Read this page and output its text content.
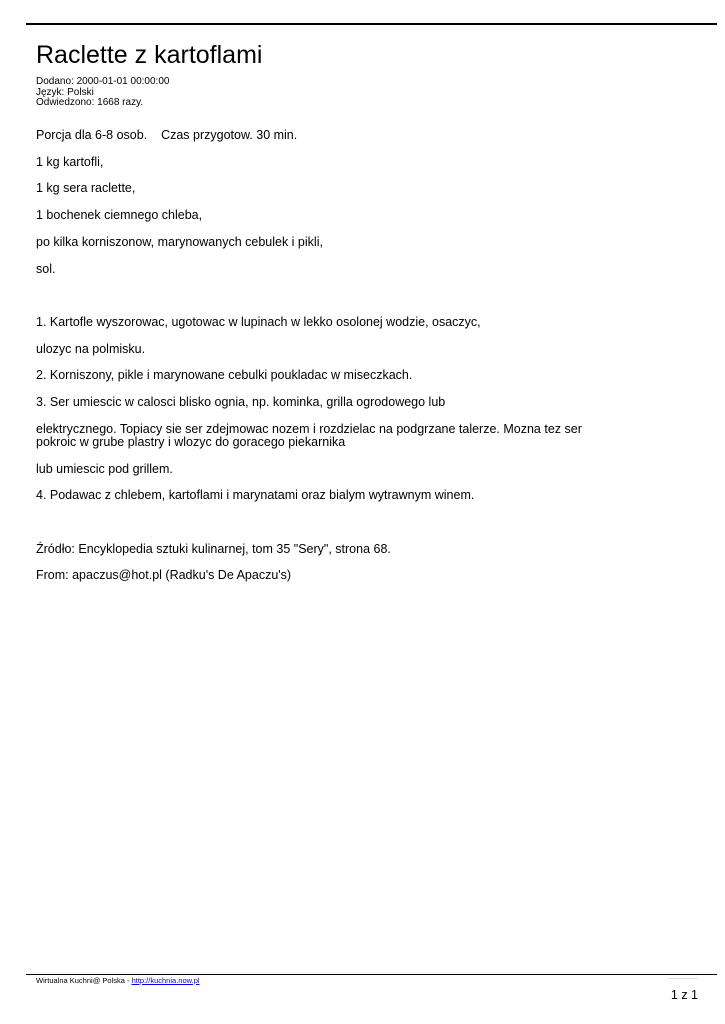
Raclette z kartoflami
Dodano: 2000-01-01 00:00:00
Język: Polski
Odwiedzono: 1668 razy.

Porcja dla 6-8 osob.    Czas przygotow. 30 min.

1 kg kartofli,

1 kg sera raclette,

1 bochenek ciemnego chleba,

po kilka korniszonow, marynowanych cebulek i pikli,

sol.

1. Kartofle wyszorowac, ugotowac w lupinach w lekko osolonej wodzie, osaczyc,

ulozyc na polmisku.

2. Korniszony, pikle i marynowane cebulki poukladac w miseczkach.

3. Ser umiescic w calosci blisko ognia, np. kominka, grilla ogrodowego lub

elektrycznego. Topiacy sie ser zdejmowac nozem i rozdzielac na podgrzane talerze. Mozna tez ser pokroic w grube plastry i wlozyc do goracego piekarnika

lub umiescic pod grillem.

4. Podawac z chlebem, kartoflami i marynatami oraz bialym wytrawnym winem.

Źródło: Encyklopedia sztuki kulinarnej, tom 35 "Sery", strona 68.

From: apaczus@hot.pl (Radku's De Apaczu's)

Wirtualna Kuchni@ Polska - http://kuchnia.now.pl
1 z 1
